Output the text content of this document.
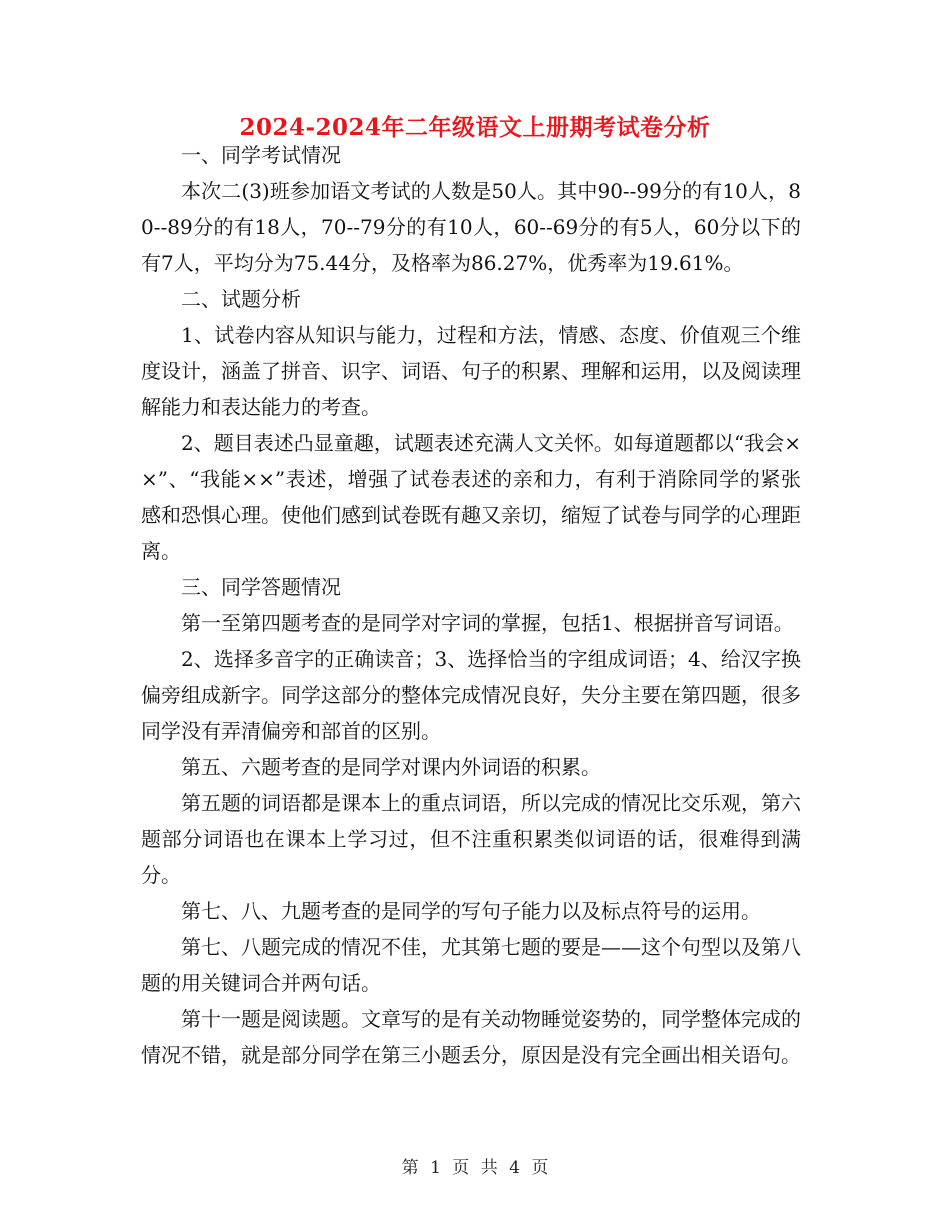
2024-2024年二年级语文上册期考试卷分析

一、同学考试情况

本次二(3)班参加语文考试的人数是50人。其中90--99分的有10人，80--89分的有18人，70--79分的有10人，60--69分的有5人，60分以下的有7人，平均分为75.44分，及格率为86.27%，优秀率为19.61%。

二、试题分析

1、试卷内容从知识与能力，过程和方法，情感、态度、价值观三个维度设计，涵盖了拼音、识字、词语、句子的积累、理解和运用，以及阅读理解能力和表达能力的考查。

2、题目表述凸显童趣，试题表述充满人文关怀。如每道题都以“我会××”、“我能××”表述，增强了试卷表述的亲和力，有利于消除同学的紧张感和恐惧心理。使他们感到试卷既有趣又亲切，缩短了试卷与同学的心理距离。

三、同学答题情况

第一至第四题考查的是同学对字词的掌握，包括1、根据拼音写词语。

2、选择多音字的正确读音；3、选择恰当的字组成词语；4、给汉字换偏旁组成新字。同学这部分的整体完成情况良好，失分主要在第四题，很多同学没有弄清偏旁和部首的区别。

第五、六题考查的是同学对课内外词语的积累。

第五题的词语都是课本上的重点词语，所以完成的情况比交乐观，第六题部分词语也在课本上学习过，但不注重积累类似词语的话，很难得到满分。

第七、八、九题考查的是同学的写句子能力以及标点符号的运用。

第七、八题完成的情况不佳，尤其第七题的要是——这个句型以及第八题的用关键词合并两句话。

第十一题是阅读题。文章写的是有关动物睡觉姿势的，同学整体完成的情况不错，就是部分同学在第三小题丢分，原因是没有完全画出相关语句。

第 1 页 共 4 页
